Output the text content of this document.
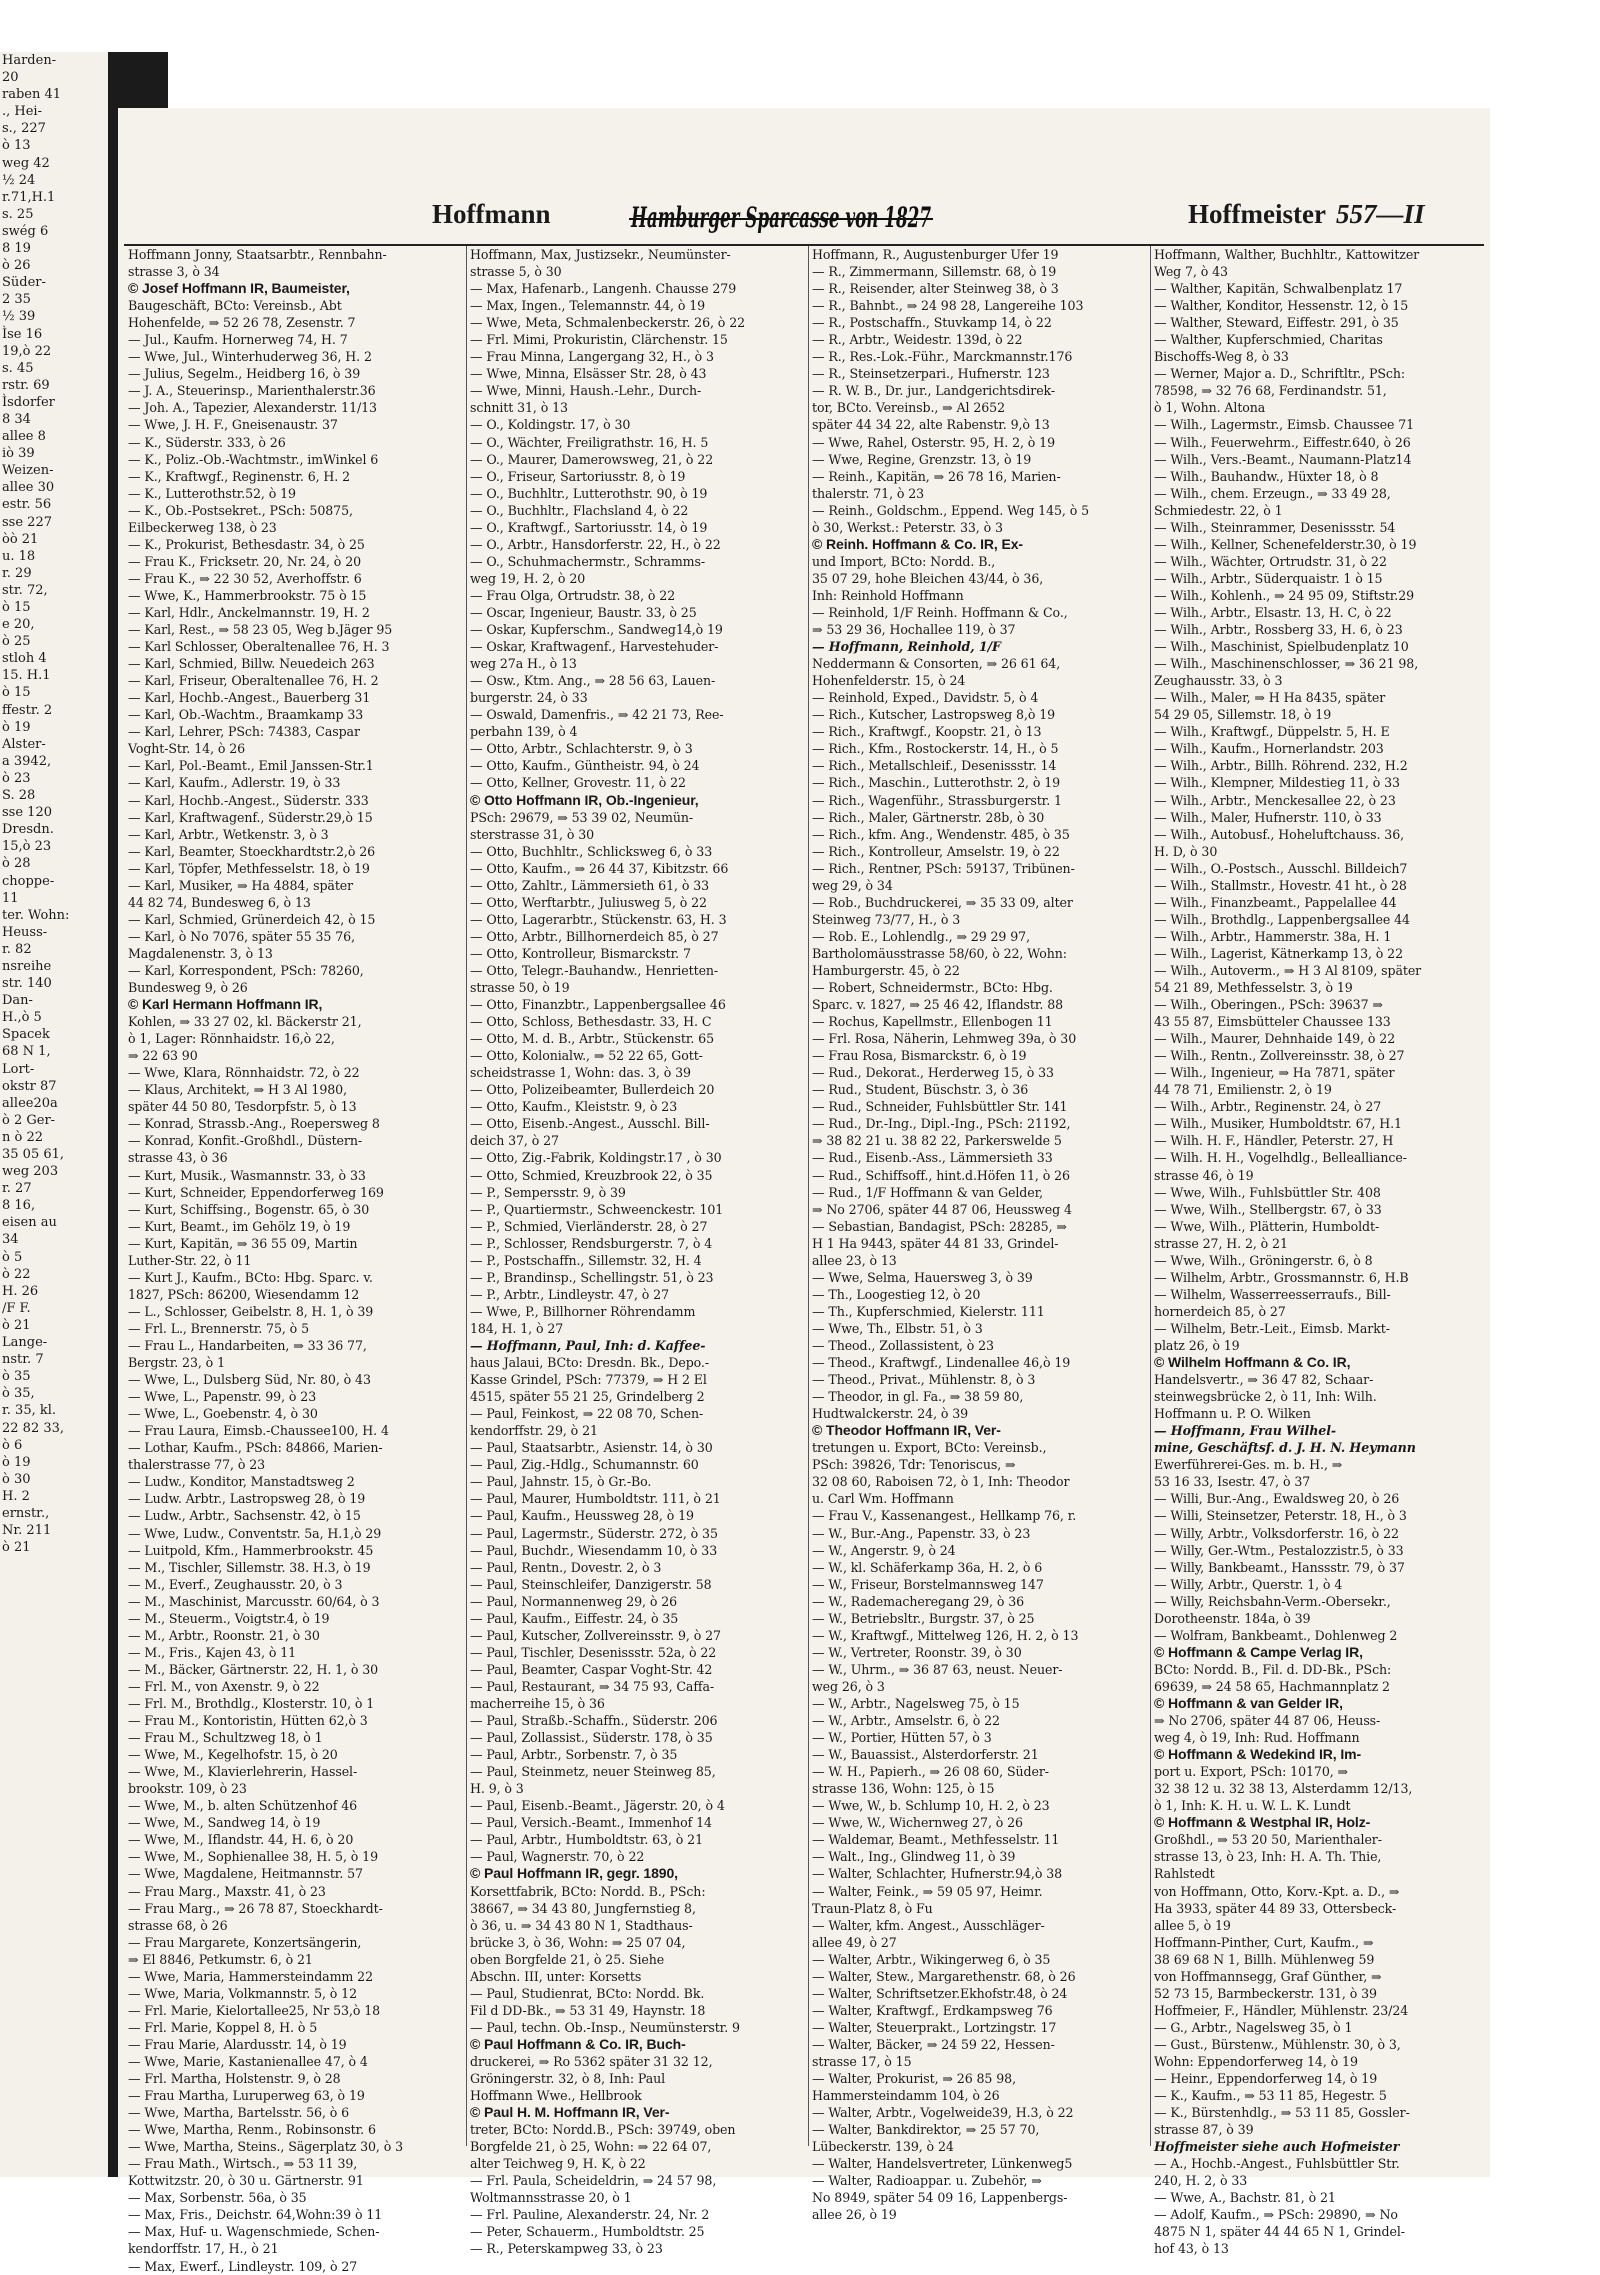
Harden-
20
raben 41
., Hei-
s., 227
ò 13
weg 42
½ 24
r.71,H.1
s. 25
swég 6
8 19
ò 26
Süder-
2 35
½ 39
Ìse 16
19,ò 22
s. 45
rstr. 69
Ìsdorfer
8 34
allee 8
iò 39
Weizen-
allee 30
estr. 56
sse 227
òò 21
u. 18
r. 29
str. 72,
ò 15
e 20,
ò 25
stloh 4
15. H.1
ò 15
ffestr. 2
ò 19
Alster-
a 3942,
ò 23
S. 28
sse 120
Dresdn.
15,ò 23
ò 28
choppe-
11
ter. Wohn:
Heuss-
r. 82
nsreihe
str. 140
Dan-
H.,ò 5
Spacek
68 N 1,
Lort-
okstr 87
allee20a
ò 2 Ger-
n ò 22
35 05 61,
weg 203
r. 27
8 16,
eisen au
34
ò 5
ò 22
H. 26
/F F.
ò 21
Lange-
nstr. 7
ò 35
ò 35,
r. 35, kl.
22 82 33,
ò 6
ò 19
ò 30
H. 2
ernstr.,
Nr. 211
ò 21
Hoffmann	Hamburger Sparcasse von 1827	Hoffmeister 557—II
Hoffmann Jonny, Staatsarbtr., Rennbahn-
strasse 3, ò 34
© Josef Hoffmann IR, Baumeister,
Baugeschäft, BCto: Vereinsb., Abt
Hohenfelde, ⇒ 52 26 78, Zesenstr. 7
— Jul., Kaufm. Hornerweg 74, H. 7
— Wwe, Jul., Winterhuderweg 36, H. 2
— Julius, Segelm., Heidberg 16, ò 39
— J. A., Steuerinsp., Marienthalerstr.36
— Joh. A., Tapezier, Alexanderstr. 11/13
— Wwe, J. H. F., Gneisenaustr. 37
— K., Süderstr. 333, ò 26
— K., Poliz.-Ob.-Wachtmstr., imWinkel 6
— K., Kraftwgf., Reginenstr. 6, H. 2
— K., Lutterothstr.52, ò 19
— K., Ob.-Postsekret., PSch: 50875,
Eilbeckerweg 138, ò 23
— K., Prokurist, Bethesdastr. 34, ò 25
— Frau K., Fricksetr. 20, Nr. 24, ò 20
— Frau K., ⇒ 22 30 52, Averhoffstr. 6
— Wwe, K., Hammerbrookstr. 75 ò 15
— Karl, Hdlr., Anckelmannstr. 19, H. 2
— Karl, Rest., ⇒ 58 23 05, Weg b.Jäger 95
— Karl Schlosser, Oberaltenallee 76, H. 3
— Karl, Schmied, Billw. Neuedeich 263
— Karl, Friseur, Oberaltenallee 76, H. 2
— Karl, Hochb.-Angest., Bauerberg 31
— Karl, Ob.-Wachtm., Braamkamp 33
— Karl, Lehrer, PSch: 74383, Caspar
Voght-Str. 14, ò 26
— Karl, Pol.-Beamt., Emil Janssen-Str.1
— Karl, Kaufm., Adlerstr. 19, ò 33
— Karl, Hochb.-Angest., Süderstr. 333
— Karl, Kraftwagenf., Süderstr.29,ò 15
— Karl, Arbtr., Wetkenstr. 3, ò 3
— Karl, Beamter, Stoeckhardtstr.2,ò 26
— Karl, Töpfer, Methfesselstr. 18, ò 19
— Karl, Musiker, ⇒ Ha 4884, später
44 82 74, Bundesweg 6, ò 13
— Karl, Schmied, Grünerdeich 42, ò 15
— Karl, ò No 7076, später 55 35 76,
Magdalenenstr. 3, ò 13
— Karl, Korrespondent, PSch: 78260,
Bundesweg 9, ò 26
© Karl Hermann Hoffmann IR,
Kohlen, ⇒ 33 27 02, kl. Bäckerstr 21,
ò 1, Lager: Rönnhaidstr. 16,ò 22,
⇒ 22 63 90
— Wwe, Klara, Rönnhaidstr. 72, ò 22
— Klaus, Architekt, ⇒ H 3 Al 1980,
später 44 50 80, Tesdorpfstr. 5, ò 13
— Konrad, Strassb.-Ang., Roepersweg 8
— Konrad, Konfit.-Großhdl., Düstern-
strasse 43, ò 36
— Kurt, Musik., Wasmannstr. 33, ò 33
— Kurt, Schneider, Eppendorferweg 169
— Kurt, Schiffsing., Bogenstr. 65, ò 30
— Kurt, Beamt., im Gehölz 19, ò 19
— Kurt, Kapitän, ⇒ 36 55 09, Martin
Luther-Str. 22, ò 11
— Kurt J., Kaufm., BCto: Hbg. Sparc. v.
1827, PSch: 86200, Wiesendamm 12
— L., Schlosser, Geibelstr. 8, H. 1, ò 39
— Frl. L., Brennerstr. 75, ò 5
— Frau L., Handarbeiten, ⇒ 33 36 77,
Bergstr. 23, ò 1
— Wwe, L., Dulsberg Süd, Nr. 80, ò 43
— Wwe, L., Papenstr. 99, ò 23
— Wwe, L., Goebenstr. 4, ò 30
— Frau Laura, Eimsb.-Chaussee100, H. 4
— Lothar, Kaufm., PSch: 84866, Marien-
thalerstrasse 77, ò 23
— Ludw., Konditor, Manstadtsweg 2
— Ludw. Arbtr., Lastropsweg 28, ò 19
— Ludw., Arbtr., Sachsenstr. 42, ò 15
— Wwe, Ludw., Conventstr. 5a, H.1,ò 29
— Luitpold, Kfm., Hammerbrookstr. 45
— M., Tischler, Sillemstr. 38. H.3, ò 19
— M., Everf., Zeughausstr. 20, ò 3
— M., Maschinist, Marcusstr. 60/64, ò 3
— M., Steuerm., Voigtstr.4, ò 19
— M., Arbtr., Roonstr. 21, ò 30
— M., Fris., Kajen 43, ò 11
— M., Bäcker, Gärtnerstr. 22, H. 1, ò 30
— Frl. M., von Axenstr. 9, ò 22
— Frl. M., Brothdlg., Klosterstr. 10, ò 1
— Frau M., Kontoristin, Hütten 62,ò 3
— Frau M., Schultzweg 18, ò 1
— Wwe, M., Kegelhofstr. 15, ò 20
— Wwe, M., Klavierlehrerin, Hassel-
brookstr. 109, ò 23
— Wwe, M., b. alten Schützenhof 46
— Wwe, M., Sandweg 14, ò 19
— Wwe, M., Iflandstr. 44, H. 6, ò 20
— Wwe, M., Sophienallee 38, H. 5, ò 19
— Wwe, Magdalene, Heitmannstr. 57
— Frau Marg., Maxstr. 41, ò 23
— Frau Marg., ⇒ 26 78 87, Stoeckhardt-
strasse 68, ò 26
— Frau Margarete, Konzertsängerin,
⇒ El 8846, Petkumstr. 6, ò 21
— Wwe, Maria, Hammersteindamm 22
— Wwe, Maria, Volkmannstr. 5, ò 12
— Frl. Marie, Kielortallee25, Nr 53,ò 18
— Frl. Marie, Koppel 8, H. ò 5
— Frau Marie, Alardusstr. 14, ò 19
— Wwe, Marie, Kastanienallee 47, ò 4
— Frl. Martha, Holstenstr. 9, ò 28
— Frau Martha, Luruperweg 63, ò 19
— Wwe, Martha, Bartelsstr. 56, ò 6
— Wwe, Martha, Renm., Robinsonstr. 6
— Wwe, Martha, Steins., Sägerplatz 30, ò 3
— Frau Math., Wirtsch., ⇒ 53 11 39,
Kottwitzstr. 20, ò 30 u. Gärtnerstr. 91
— Max, Sorbenstr. 56a, ò 35
— Max, Fris., Deichstr. 64,Wohn:39 ò 11
— Max, Huf- u. Wagenschmiede, Schen-
kendorffstr. 17, H., ò 21
— Max, Ewerf., Lindleystr. 109, ò 27
Hoffmann, Max, Justizsekr., Neumünster-
strasse 5, ò 30
— Max, Hafenarb., Langenh. Chausse 279
— Max, Ingen., Telemannstr. 44, ò 19
— Wwe, Meta, Schmalenbeckerstr. 26, ò 22
— Frl. Mimi, Prokuristin, Clärchenstr. 15
— Frau Minna, Langergang 32, H., ò 3
— Wwe, Minna, Elsässer Str. 28, ò 43
— Wwe, Minni, Haush.-Lehr., Durch-
schnitt 31, ò 13
— O., Koldingstr. 17, ò 30
— O., Wächter, Freiligrathstr. 16, H. 5
— O., Maurer, Damerowsweg, 21, ò 22
— O., Friseur, Sartoriusstr. 8, ò 19
— O., Buchhltr., Lutterothstr. 90, ò 19
— O., Buchhltr., Flachsland 4, ò 22
— O., Kraftwgf., Sartoriusstr. 14, ò 19
— O., Arbtr., Hansdorferstr. 22, H., ò 22
— O., Schuhmachermstr., Schramms-
weg 19, H. 2, ò 20
— Frau Olga, Ortrudstr. 38, ò 22
— Oscar, Ingenieur, Baustr. 33, ò 25
— Oskar, Kupferschm., Sandweg14,ò 19
— Oskar, Kraftwagenf., Harvestehuder-
weg 27a H., ò 13
— Osw., Ktm. Ang., ⇒ 28 56 63, Lauen-
burgerstr. 24, ò 33
— Oswald, Damenfris., ⇒ 42 21 73, Ree-
perbahn 139, ò 4
— Otto, Arbtr., Schlachterstr. 9, ò 3
— Otto, Kaufm., Güntheistr. 94, ò 24
— Otto, Kellner, Grovestr. 11, ò 22
© Otto Hoffmann IR, Ob.-Ingenieur,
PSch: 29679, ⇒ 53 39 02, Neumün-
sterstrasse 31, ò 30
— Otto, Buchhltr., Schlicksweg 6, ò 33
— Otto, Kaufm., ⇒ 26 44 37, Kibitzstr. 66
— Otto, Zahltr., Lämmersieth 61, ò 33
— Otto, Werftarbtr., Juliusweg 5, ò 22
— Otto, Lagerarbtr., Stückenstr. 63, H. 3
— Otto, Arbtr., Billhornerdeich 85, ò 27
— Otto, Kontrolleur, Bismarckstr. 7
— Otto, Telegr.-Bauhandw., Henrietten-
strasse 50, ò 19
— Otto, Finanzbtr., Lappenbergsallee 46
— Otto, Schloss, Bethesdastr. 33, H. C
— Otto, M. d. B., Arbtr., Stückenstr. 65
— Otto, Kolonialw., ⇒ 52 22 65, Gott-
scheidstrasse 1, Wohn: das. 3, ò 39
— Otto, Polizeibeamter, Bullerdeich 20
— Otto, Kaufm., Kleiststr. 9, ò 23
— Otto, Eisenb.-Angest., Ausschl. Bill-
deich 37, ò 27
— Otto, Zig.-Fabrik, Koldingstr.17 , ò 30
— Otto, Schmied, Kreuzbrook 22, ò 35
— P., Sempersstr. 9, ò 39
— P., Quartiermstr., Schweenckestr. 101
— P., Schmied, Vierländerstr. 28, ò 27
— P., Schlosser, Rendsburgerstr. 7, ò 4
— P., Postschaffn., Sillemstr. 32, H. 4
— P., Brandinsp., Schellingstr. 51, ò 23
— P., Arbtr., Lindleystr. 47, ò 27
— Wwe, P., Billhorner Röhrendamm
184, H. 1, ò 27
— Hoffmann, Paul, Inh: d. Kaffee-
haus Jalaui, BCto: Dresdn. Bk., Depo.-
Kasse Grindel, PSch: 77379, ⇒ H 2 El
4515, später 55 21 25, Grindelberg 2
— Paul, Feinkost, ⇒ 22 08 70, Schen-
kendorffstr. 29, ò 21
— Paul, Staatsarbtr., Asienstr. 14, ò 30
— Paul, Zig.-Hdlg., Schumannstr. 60
— Paul, Jahnstr. 15, ò Gr.-Bo.
— Paul, Maurer, Humboldtstr. 111, ò 21
— Paul, Kaufm., Heussweg 28, ò 19
— Paul, Lagermstr., Süderstr. 272, ò 35
— Paul, Buchdr., Wiesendamm 10, ò 33
— Paul, Rentn., Dovestr. 2, ò 3
— Paul, Steinschleifer, Danzigerstr. 58
— Paul, Normannenweg 29, ò 26
— Paul, Kaufm., Eiffestr. 24, ò 35
— Paul, Kutscher, Zollvereinsstr. 9, ò 27
— Paul, Tischler, Desenissstr. 52a, ò 22
— Paul, Beamter, Caspar Voght-Str. 42
— Paul, Restaurant, ⇒ 34 75 93, Caffa-
macherreihe 15, ò 36
— Paul, Straßb.-Schaffn., Süderstr. 206
— Paul, Zollassist., Süderstr. 178, ò 35
— Paul, Arbtr., Sorbenstr. 7, ò 35
— Paul, Steinmetz, neuer Steinweg 85,
H. 9, ò 3
— Paul, Eisenb.-Beamt., Jägerstr. 20, ò 4
— Paul, Versich.-Beamt., Immenhof 14
— Paul, Arbtr., Humboldtstr. 63, ò 21
— Paul, Wagnerstr. 70, ò 22
© Paul Hoffmann IR, gegr. 1890,
Korsettfabrik, BCto: Nordd. B., PSch:
38667, ⇒ 34 43 80, Jungfernstieg 8,
ò 36, u. ⇒ 34 43 80 N 1, Stadthaus-
brücke 3, ò 36, Wohn: ⇒ 25 07 04,
oben Borgfelde 21, ò 25. Siehe
Abschn. III, unter: Korsetts
— Paul, Studienrat, BCto: Nordd. Bk.
Fil d DD-Bk., ⇒ 53 31 49, Haynstr. 18
— Paul, techn. Ob.-Insp., Neumünsterstr. 9
© Paul Hoffmann & Co. IR, Buch-
druckerei, ⇒ Ro 5362 später 31 32 12,
Gröningerstr. 32, ò 8, Inh: Paul
Hoffmann Wwe., Hellbrook
© Paul H. M. Hoffmann IR, Ver-
treter, BCto: Nordd.B., PSch: 39749, oben
Borgfelde 21, ò 25, Wohn: ⇒ 22 64 07,
alter Teichweg 9, H. K, ò 22
— Frl. Paula, Scheideldrin, ⇒ 24 57 98,
Woltmannsstrasse 20, ò 1
— Frl. Pauline, Alexanderstr. 24, Nr. 2
— Peter, Schauerm., Humboldtstr. 25
— R., Peterskampweg 33, ò 23
Hoffmann, R., Augustenburger Ufer 19
— R., Zimmermann, Sillemstr. 68, ò 19
— R., Reisender, alter Steinweg 38, ò 3
— R., Bahnbt., ⇒ 24 98 28, Langereihe 103
— R., Postschaffn., Stuvkamp 14, ò 22
— R., Arbtr., Weidestr. 139d, ò 22
— R., Res.-Lok.-Führ., Marckmannstr.176
— R., Steinsetzerpari., Hufnerstr. 123
— R. W. B., Dr. jur., Landgerichtsdirek-
tor, BCto. Vereinsb., ⇒ Al 2652
später 44 34 22, alte Rabenstr. 9,ò 13
— Wwe, Rahel, Osterstr. 95, H. 2, ò 19
— Wwe, Regine, Grenzstr. 13, ò 19
— Reinh., Kapitän, ⇒ 26 78 16, Marien-
thalerstr. 71, ò 23
— Reinh., Goldschm., Eppend. Weg 145, ò 5
ò 30, Werkst.: Peterstr. 33, ò 3
© Reinh. Hoffmann & Co. IR, Ex-
und Import, BCto: Nordd. B.,
35 07 29, hohe Bleichen 43/44, ò 36,
Inh: Reinhold Hoffmann
— Reinhold, 1/F Reinh. Hoffmann & Co.,
⇒ 53 29 36, Hochallee 119, ò 37
— Hoffmann, Reinhold, 1/F
Neddermann & Consorten, ⇒ 26 61 64,
Hohenfelderstr. 15, ò 24
— Reinhold, Exped., Davidstr. 5, ò 4
— Rich., Kutscher, Lastropsweg 8,ò 19
— Rich., Kraftwgf., Koopstr. 21, ò 13
— Rich., Kfm., Rostockerstr. 14, H., ò 5
— Rich., Metallschleif., Desenissstr. 14
— Rich., Maschin., Lutterothstr. 2, ò 19
— Rich., Wagenführ., Strassburgerstr. 1
— Rich., Maler, Gärtnerstr. 28b, ò 30
— Rich., kfm. Ang., Wendenstr. 485, ò 35
— Rich., Kontrolleur, Amselstr. 19, ò 22
— Rich., Rentner, PSch: 59137, Tribünen-
weg 29, ò 34
— Rob., Buchdruckerei, ⇒ 35 33 09, alter
Steinweg 73/77, H., ò 3
— Rob. E., Lohlendlg., ⇒ 29 29 97,
Bartholomäusstrasse 58/60, ò 22, Wohn:
Hamburgerstr. 45, ò 22
— Robert, Schneidermstr., BCto: Hbg.
Sparc. v. 1827, ⇒ 25 46 42, Iflandstr. 88
— Rochus, Kapellmstr., Ellenbogen 11
— Frl. Rosa, Näherin, Lehmweg 39a, ò 30
— Frau Rosa, Bismarckstr. 6, ò 19
— Rud., Dekorat., Herderweg 15, ò 33
— Rud., Student, Büschstr. 3, ò 36
— Rud., Schneider, Fuhlsbüttler Str. 141
— Rud., Dr.-Ing., Dipl.-Ing., PSch: 21192,
⇒ 38 82 21 u. 38 82 22, Parkerswelde 5
— Rud., Eisenb.-Ass., Lämmersieth 33
— Rud., Schiffsoff., hint.d.Höfen 11, ò 26
— Rud., 1/F Hoffmann & van Gelder,
⇒ No 2706, später 44 87 06, Heussweg 4
— Sebastian, Bandagist, PSch: 28285, ⇒
H 1 Ha 9443, später 44 81 33, Grindel-
allee 23, ò 13
— Wwe, Selma, Hauersweg 3, ò 39
— Th., Loogestieg 12, ò 20
— Th., Kupferschmied, Kielerstr. 111
— Wwe, Th., Elbstr. 51, ò 3
— Theod., Zollassistent, ò 23
— Theod., Kraftwgf., Lindenallee 46,ò 19
— Theod., Privat., Mühlenstr. 8, ò 3
— Theodor, in gl. Fa., ⇒ 38 59 80,
Hudtwalckerstr. 24, ò 39
© Theodor Hoffmann IR, Ver-
tretungen u. Export, BCto: Vereinsb.,
PSch: 39826, Tdr: Tenoriscus, ⇒
32 08 60, Raboisen 72, ò 1, Inh: Theodor
u. Carl Wm. Hoffmann
— Frau V., Kassenangest., Hellkamp 76, r.
— W., Bur.-Ang., Papenstr. 33, ò 23
— W., Angerstr. 9, ò 24
— W., kl. Schäferkamp 36a, H. 2, ò 6
— W., Friseur, Borstelmannsweg 147
— W., Rademacheregang 29, ò 36
— W., Betriebsltr., Burgstr. 37, ò 25
— W., Kraftwgf., Mittelweg 126, H. 2, ò 13
— W., Vertreter, Roonstr. 39, ò 30
— W., Uhrm., ⇒ 36 87 63, neust. Neuer-
weg 26, ò 3
— W., Arbtr., Nagelsweg 75, ò 15
— W., Arbtr., Amselstr. 6, ò 22
— W., Portier, Hütten 57, ò 3
— W., Bauassist., Alsterdorferstr. 21
— W. H., Papierh., ⇒ 26 08 60, Süder-
strasse 136, Wohn: 125, ò 15
— Wwe, W., b. Schlump 10, H. 2, ò 23
— Wwe, W., Wichernweg 27, ò 26
— Waldemar, Beamt., Methfesselstr. 11
— Walt., Ing., Glindweg 11, ò 39
— Walter, Schlachter, Hufnerstr.94,ò 38
— Walter, Feink., ⇒ 59 05 97, Heimr.
Traun-Platz 8, ò Fu
— Walter, kfm. Angest., Ausschläger-
allee 49, ò 27
— Walter, Arbtr., Wikingerweg 6, ò 35
— Walter, Stew., Margarethenstr. 68, ò 26
— Walter, Schriftsetzer.Ekhofstr.48, ò 24
— Walter, Kraftwgf., Erdkampsweg 76
— Walter, Steuerprakt., Lortzingstr. 17
— Walter, Bäcker, ⇒ 24 59 22, Hessen-
strasse 17, ò 15
— Walter, Prokurist, ⇒ 26 85 98,
Hammersteindamm 104, ò 26
— Walter, Arbtr., Vogelweide39, H.3, ò 22
— Walter, Bankdirektor, ⇒ 25 57 70,
Lübeckerstr. 139, ò 24
— Walter, Handelsvertreter, Lünkenweg5
— Walter, Radioappar. u. Zubehör, ⇒
No 8949, später 54 09 16, Lappenbergs-
allee 26, ò 19
Hoffmann, Walther, Buchhltr., Kattowitzer
Weg 7, ò 43
— Walther, Kapitän, Schwalbenplatz 17
— Walther, Konditor, Hessenstr. 12, ò 15
— Walther, Steward, Eiffestr. 291, ò 35
— Walther, Kupferschmied, Charitas
Bischoffs-Weg 8, ò 33
— Werner, Major a. D., Schriftltr., PSch:
78598, ⇒ 32 76 68, Ferdinandstr. 51,
ò 1, Wohn. Altona
— Wilh., Lagermstr., Eimsb. Chaussee 71
— Wilh., Feuerwehrm., Eiffestr.640, ò 26
— Wilh., Vers.-Beamt., Naumann-Platz14
— Wilh., Bauhandw., Hüxter 18, ò 8
— Wilh., chem. Erzeugn., ⇒ 33 49 28,
Schmiedestr. 22, ò 1
— Wilh., Steinrammer, Desenissstr. 54
— Wilh., Kellner, Schenefelderstr.30, ò 19
— Wilh., Wächter, Ortrudstr. 31, ò 22
— Wilh., Arbtr., Süderquaistr. 1 ò 15
— Wilh., Kohlenh., ⇒ 24 95 09, Stiftstr.29
— Wilh., Arbtr., Elsastr. 13, H. C, ò 22
— Wilh., Arbtr., Rossberg 33, H. 6, ò 23
— Wilh., Maschinist, Spielbudenplatz 10
— Wilh., Maschinenschlosser, ⇒ 36 21 98,
Zeughausstr. 33, ò 3
— Wilh., Maler, ⇒ H Ha 8435, später
54 29 05, Sillemstr. 18, ò 19
— Wilh., Kraftwgf., Düppelstr. 5, H. E
— Wilh., Kaufm., Hornerlandstr. 203
— Wilh., Arbtr., Billh. Röhrend. 232, H.2
— Wilh., Klempner, Mildestieg 11, ò 33
— Wilh., Arbtr., Menckesallee 22, ò 23
— Wilh., Maler, Hufnerstr. 110, ò 33
— Wilh., Autobusf., Hoheluftchauss. 36,
H. D, ò 30
— Wilh., O.-Postsch., Ausschl. Billdeich7
— Wilh., Stallmstr., Hovestr. 41 ht., ò 28
— Wilh., Finanzbeamt., Pappelallee 44
— Wilh., Brothdlg., Lappenbergsallee 44
— Wilh., Arbtr., Hammerstr. 38a, H. 1
— Wilh., Lagerist, Kätnerkamp 13, ò 22
— Wilh., Autoverm., ⇒ H 3 Al 8109, später
54 21 89, Methfesselstr. 3, ò 19
— Wilh., Oberingen., PSch: 39637 ⇒
43 55 87, Eimsbütteler Chaussee 133
— Wilh., Maurer, Dehnhaide 149, ò 22
— Wilh., Rentn., Zollvereinsstr. 38, ò 27
— Wilh., Ingenieur, ⇒ Ha 7871, später
44 78 71, Emilienstr. 2, ò 19
— Wilh., Arbtr., Reginenstr. 24, ò 27
— Wilh., Musiker, Humboldtstr. 67, H.1
— Wilh. H. F., Händler, Peterstr. 27, H
— Wilh. H. H., Vogelhdlg., Bellealliance-
strasse 46, ò 19
— Wwe, Wilh., Fuhlsbüttler Str. 408
— Wwe, Wilh., Stellbergstr. 67, ò 33
— Wwe, Wilh., Plätterin, Humboldt-
strasse 27, H. 2, ò 21
— Wwe, Wilh., Gröningerstr. 6, ò 8
— Wilhelm, Arbtr., Grossmannstr. 6, H.B
— Wilhelm, Wasserreesserraufs., Bill-
hornerdeich 85, ò 27
— Wilhelm, Betr.-Leit., Eimsb. Markt-
platz 26, ò 19
© Wilhelm Hoffmann & Co. IR,
Handelsvertr., ⇒ 36 47 82, Schaar-
steinwegsbrücke 2, ò 11, Inh: Wilh.
Hoffmann u. P. O. Wilken
— Hoffmann, Frau Wilhel-
mine, Geschäftsf. d. J. H. N. Heymann
Ewerführerei-Ges. m. b. H., ⇒
53 16 33, Isestr. 47, ò 37
— Willi, Bur.-Ang., Ewaldsweg 20, ò 26
— Willi, Steinsetzer, Peterstr. 18, H., ò 3
— Willy, Arbtr., Volksdorferstr. 16, ò 22
— Willy, Ger.-Wtm., Pestalozzistr.5, ò 33
— Willy, Bankbeamt., Hanssstr. 79, ò 37
— Willy, Arbtr., Querstr. 1, ò 4
— Willy, Reichsbahn-Verm.-Obersekr.,
Dorotheenstr. 184a, ò 39
— Wolfram, Bankbeamt., Dohlenweg 2
© Hoffmann & Campe Verlag IR,
BCto: Nordd. B., Fil. d. DD-Bk., PSch:
69639, ⇒ 24 58 65, Hachmannplatz 2
© Hoffmann & van Gelder IR,
⇒ No 2706, später 44 87 06, Heuss-
weg 4, ò 19, Inh: Rud. Hoffmann
© Hoffmann & Wedekind IR, Im-
port u. Export, PSch: 10170, ⇒
32 38 12 u. 32 38 13, Alsterdamm 12/13,
ò 1, Inh: K. H. u. W. L. K. Lundt
© Hoffmann & Westphal IR, Holz-
Großhdl., ⇒ 53 20 50, Marienthaler-
strasse 13, ò 23, Inh: H. A. Th. Thie,
Rahlstedt
von Hoffmann, Otto, Korv.-Kpt. a. D., ⇒
Ha 3933, später 44 89 33, Ottersbeck-
allee 5, ò 19
Hoffmann-Pinther, Curt, Kaufm., ⇒
38 69 68 N 1, Billh. Mühlenweg 59
von Hoffmannsegg, Graf Günther, ⇒
52 73 15, Barmbeckerstr. 131, ò 39
Hoffmeier, F., Händler, Mühlenstr. 23/24
— G., Arbtr., Nagelsweg 35, ò 1
— Gust., Bürstenw., Mühlenstr. 30, ò 3,
Wohn: Eppendorferweg 14, ò 19
— Heinr., Eppendorferweg 14, ò 19
— K., Kaufm., ⇒ 53 11 85, Hegestr. 5
— K., Bürstenhdlg., ⇒ 53 11 85, Gossler-
strasse 87, ò 39
Hoffmeister siehe auch Hofmeister
— A., Hochb.-Angest., Fuhlsbüttler Str.
240, H. 2, ò 33
— Wwe, A., Bachstr. 81, ò 21
— Adolf, Kaufm., ⇒ PSch: 29890, ⇒ No
4875 N 1, später 44 44 65 N 1, Grindel-
hof 43, ò 13
